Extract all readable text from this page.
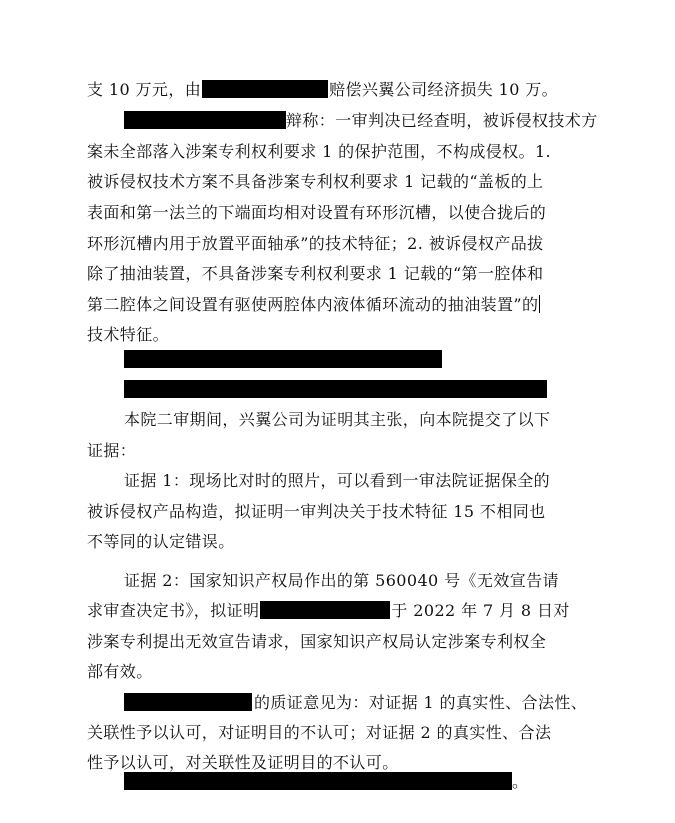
支 10 万元，由	赔偿兴翼公司经济损失 10 万。
辩称：一审判决已经查明，被诉侵权技术方
案未全部落入涉案专利权利要求 1 的保护范围，不构成侵权。1.
被诉侵权技术方案不具备涉案专利权利要求 1 记载的“盖板的上
表面和第一法兰的下端面均相对设置有环形沉槽，以使合拢后的
环形沉槽内用于放置平面轴承”的技术特征；2. 被诉侵权产品拔
除了抽油装置，不具备涉案专利权利要求 1 记载的“第一腔体和
第二腔体之间设置有驱使两腔体内液体循环流动的抽油装置”的
技术特征。
本院二审期间，兴翼公司为证明其主张，向本院提交了以下
证据：
证据 1：现场比对时的照片，可以看到一审法院证据保全的
被诉侵权产品构造，拟证明一审判决关于技术特征 15 不相同也
不等同的认定错误。
证据 2：国家知识产权局作出的第 560040 号《无效宣告请
求审查决定书》，拟证明	于 2022 年 7 月 8 日对
涉案专利提出无效宣告请求，国家知识产权局认定涉案专利权全
部有效。
的质证意见为：对证据 1 的真实性、合法性、
关联性予以认可，对证明目的不认可；对证据 2 的真实性、合法
性予以认可，对关联性及证明目的不认可。
。
